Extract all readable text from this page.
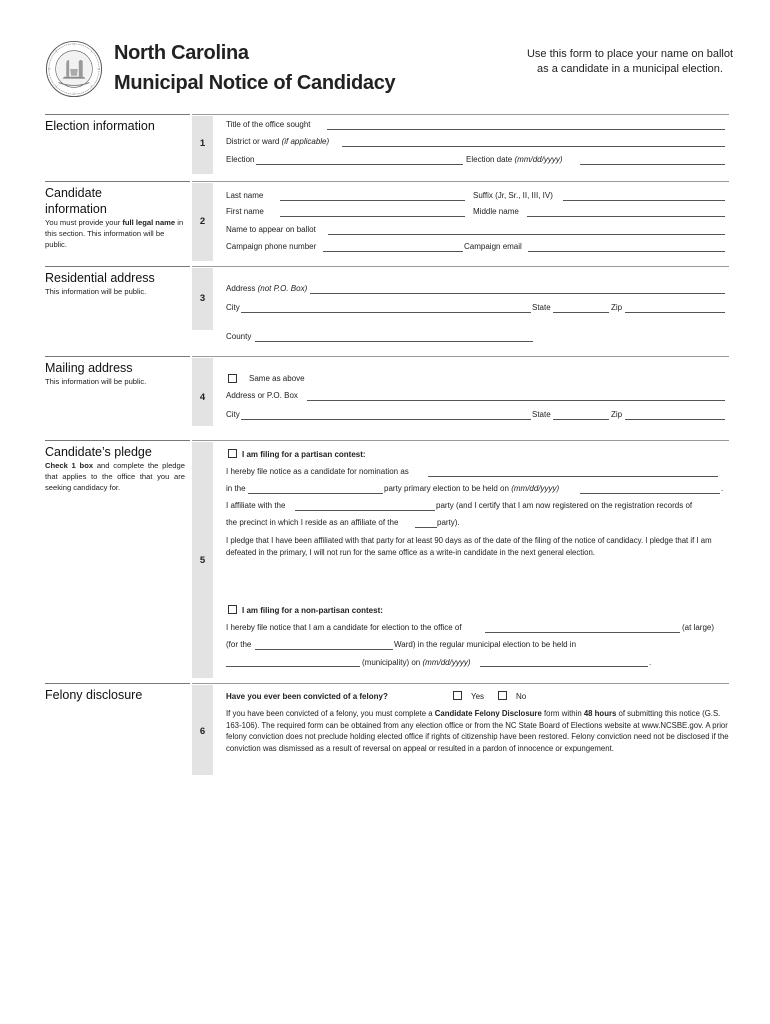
North Carolina
Municipal Notice of Candidacy
Use this form to place your name on ballot as a candidate in a municipal election.
Election information
1
Title of the office sought
District or ward (if applicable)
Election	Election date (mm/dd/yyyy)
Candidate
information
You must provide your full legal name in this section. This information will be public.
2
Last name	Suffix (Jr, Sr., II, III, IV)
First name	Middle name
Name to appear on ballot
Campaign phone number	Campaign email
Residential address
This information will be public.
3
Address (not P.O. Box)
City	State	Zip
County
Mailing address
This information will be public.
4
Same as above
Address or P.O. Box
City	State	Zip
Candidate’s pledge
Check 1 box and complete the pledge that applies to the office that you are seeking candidacy for.
5
I am filing for a partisan contest:
I hereby file notice as a candidate for nomination as
in the	party primary election to be held on (mm/dd/yyyy)	.
I affiliate with the	party (and I certify that I am now registered on the registration records of
the precinct in which I reside as an affiliate of the	party).
I pledge that I have been affiliated with that party for at least 90 days as of the date of the filing of the notice of candidacy. I pledge that if I am defeated in the primary, I will not run for the same office as a write-in candidate in the next general election.
I am filing for a non-partisan contest:
I hereby file notice that I am a candidate for election to the office of	(at large)
(for the	Ward) in the regular municipal election to be held in
(municipality) on (mm/dd/yyyy)	.
Felony disclosure
6
Have you ever been convicted of a felony?	Yes	No
If you have been convicted of a felony, you must complete a Candidate Felony Disclosure form within 48 hours of submitting this notice (G.S. 163-106). The required form can be obtained from any election office or from the NC State Board of Elections website at www.NCSBE.gov. A prior felony conviction does not preclude holding elected office if rights of citizenship have been restored. Felony conviction need not be disclosed if the conviction was dismissed as a result of reversal on appeal or resulted in a pardon of innocence or expungement.
